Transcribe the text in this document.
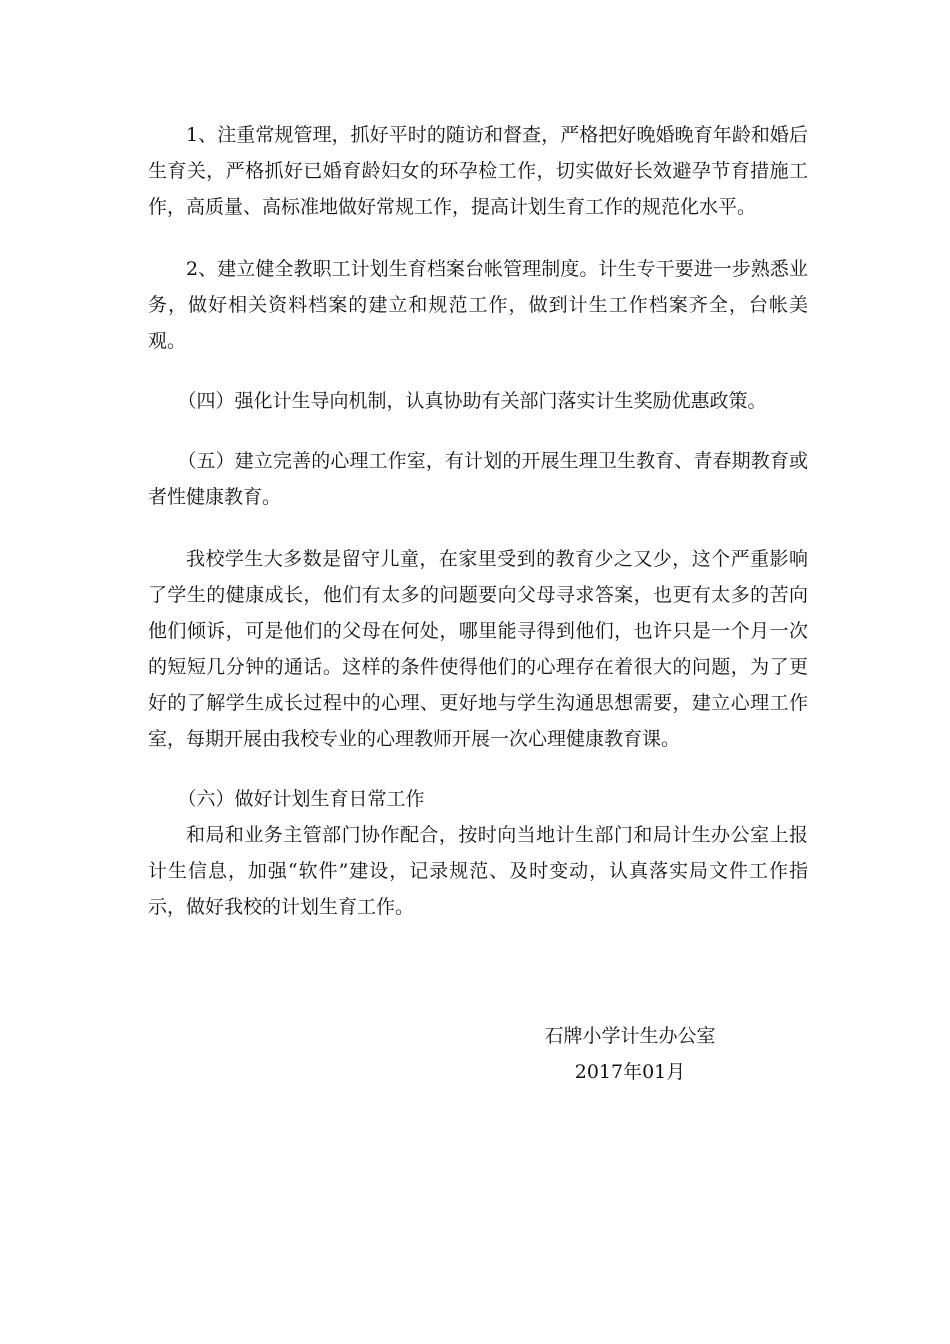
1、注重常规管理，抓好平时的随访和督查，严格把好晚婚晚育年龄和婚后生育关，严格抓好已婚育龄妇女的环孕检工作，切实做好长效避孕节育措施工作，高质量、高标准地做好常规工作，提高计划生育工作的规范化水平。

2、建立健全教职工计划生育档案台帐管理制度。计生专干要进一步熟悉业务，做好相关资料档案的建立和规范工作，做到计生工作档案齐全，台帐美观。

（四）强化计生导向机制，认真协助有关部门落实计生奖励优惠政策。

（五）建立完善的心理工作室，有计划的开展生理卫生教育、青春期教育或者性健康教育。

我校学生大多数是留守儿童，在家里受到的教育少之又少，这个严重影响了学生的健康成长，他们有太多的问题要向父母寻求答案，也更有太多的苦向他们倾诉，可是他们的父母在何处，哪里能寻得到他们，也许只是一个月一次的短短几分钟的通话。这样的条件使得他们的心理存在着很大的问题，为了更好的了解学生成长过程中的心理、更好地与学生沟通思想需要，建立心理工作室，每期开展由我校专业的心理教师开展一次心理健康教育课。

（六）做好计划生育日常工作

和局和业务主管部门协作配合，按时向当地计生部门和局计生办公室上报计生信息，加强“软件”建设，记录规范、及时变动，认真落实局文件工作指示，做好我校的计划生育工作。

石牌小学计生办公室
2017年01月
